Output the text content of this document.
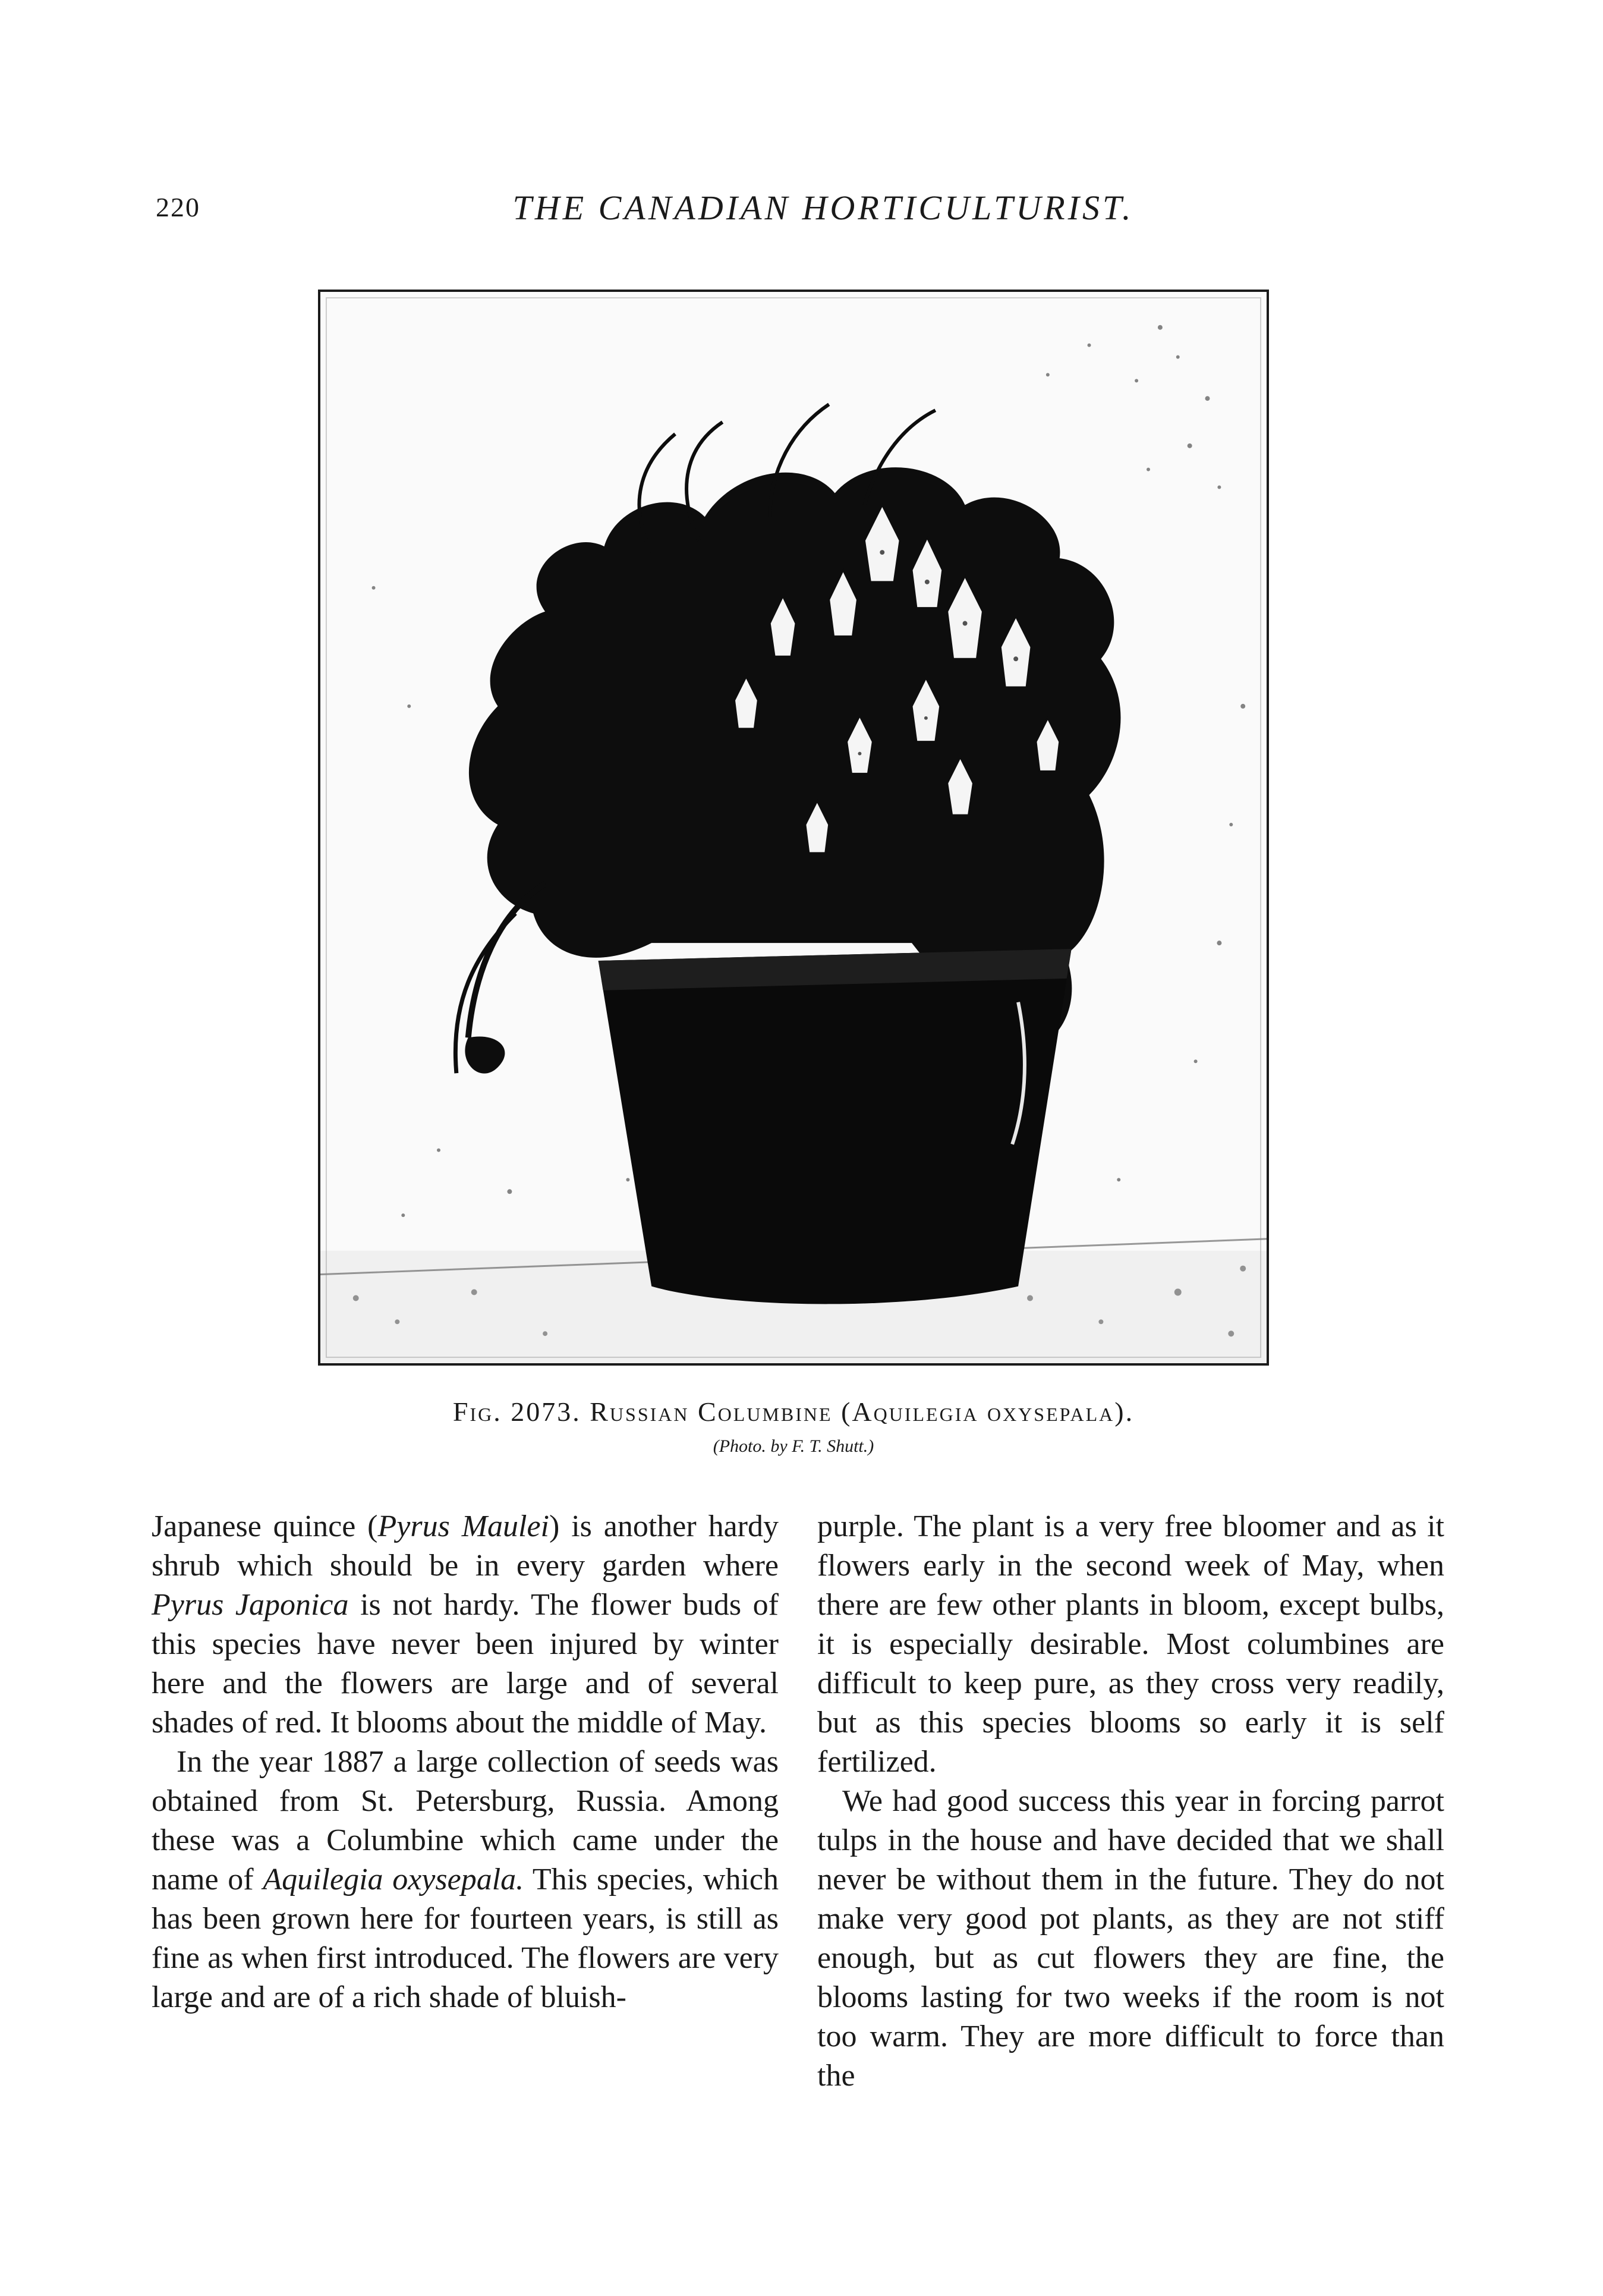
220	THE CANADIAN HORTICULTURIST.
Fig. 2073. Russian Columbine (Aquilegia oxysepala).
(Photo. by F. T. Shutt.)

Japanese quince (Pyrus Maulei) is another hardy shrub which should be in every garden where Pyrus Japonica is not hardy. The flower buds of this species have never been injured by winter here and the flowers are large and of several shades of red. It blooms about the middle of May.

In the year 1887 a large collection of seeds was obtained from St. Petersburg, Russia. Among these was a Columbine which came under the name of Aquilegia oxysepala. This species, which has been grown here for fourteen years, is still as fine as when first introduced. The flowers are very large and are of a rich shade of bluish-

purple. The plant is a very free bloomer and as it flowers early in the second week of May, when there are few other plants in bloom, except bulbs, it is especially desirable. Most columbines are difficult to keep pure, as they cross very readily, but as this species blooms so early it is self fertilized.

We had good success this year in forcing parrot tulps in the house and have decided that we shall never be without them in the future. They do not make very good pot plants, as they are not stiff enough, but as cut flowers they are fine, the blooms lasting for two weeks if the room is not too warm. They are more difficult to force than the
